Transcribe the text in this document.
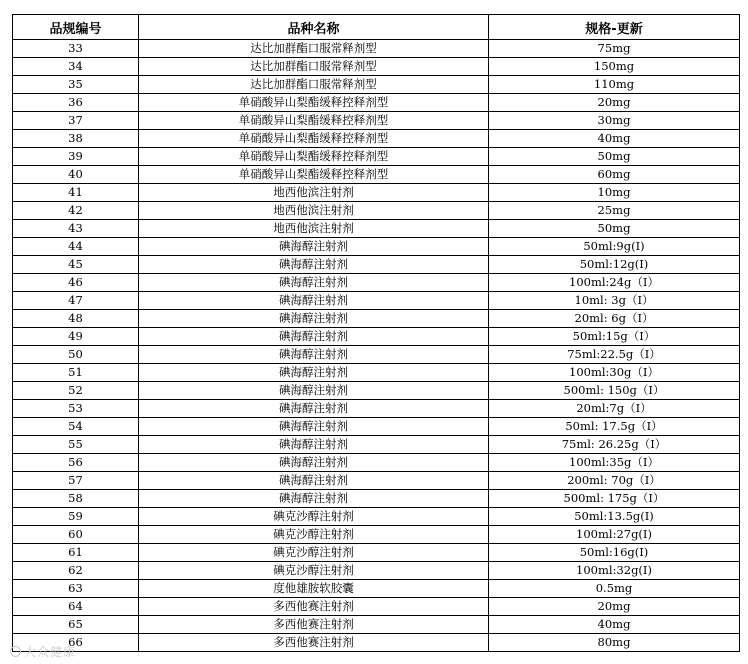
品规编号	品种名称	规格-更新
33	达比加群酯口服常释剂型	75mg
34	达比加群酯口服常释剂型	150mg
35	达比加群酯口服常释剂型	110mg
36	单硝酸异山梨酯缓释控释剂型	20mg
37	单硝酸异山梨酯缓释控释剂型	30mg
38	单硝酸异山梨酯缓释控释剂型	40mg
39	单硝酸异山梨酯缓释控释剂型	50mg
40	单硝酸异山梨酯缓释控释剂型	60mg
41	地西他滨注射剂	10mg
42	地西他滨注射剂	25mg
43	地西他滨注射剂	50mg
44	碘海醇注射剂	50ml:9g(Ⅰ)
45	碘海醇注射剂	50ml:12g(Ⅰ)
46	碘海醇注射剂	100ml:24g（Ⅰ）
47	碘海醇注射剂	10ml: 3g（Ⅰ）
48	碘海醇注射剂	20ml: 6g（Ⅰ）
49	碘海醇注射剂	50ml:15g（Ⅰ）
50	碘海醇注射剂	75ml:22.5g（Ⅰ）
51	碘海醇注射剂	100ml:30g（Ⅰ）
52	碘海醇注射剂	500ml: 150g（Ⅰ）
53	碘海醇注射剂	20ml:7g（Ⅰ）
54	碘海醇注射剂	50ml: 17.5g（Ⅰ）
55	碘海醇注射剂	75ml: 26.25g（Ⅰ）
56	碘海醇注射剂	100ml:35g（Ⅰ）
57	碘海醇注射剂	200ml: 70g（Ⅰ）
58	碘海醇注射剂	500ml: 175g（Ⅰ）
59	碘克沙醇注射剂	50ml:13.5g(Ⅰ)
60	碘克沙醇注射剂	100ml:27g(Ⅰ)
61	碘克沙醇注射剂	50ml:16g(Ⅰ)
62	碘克沙醇注射剂	100ml:32g(Ⅰ)
63	度他雄胺软胶囊	0.5mg
64	多西他赛注射剂	20mg
65	多西他赛注射剂	40mg
66	多西他赛注射剂	80mg
大众健康
